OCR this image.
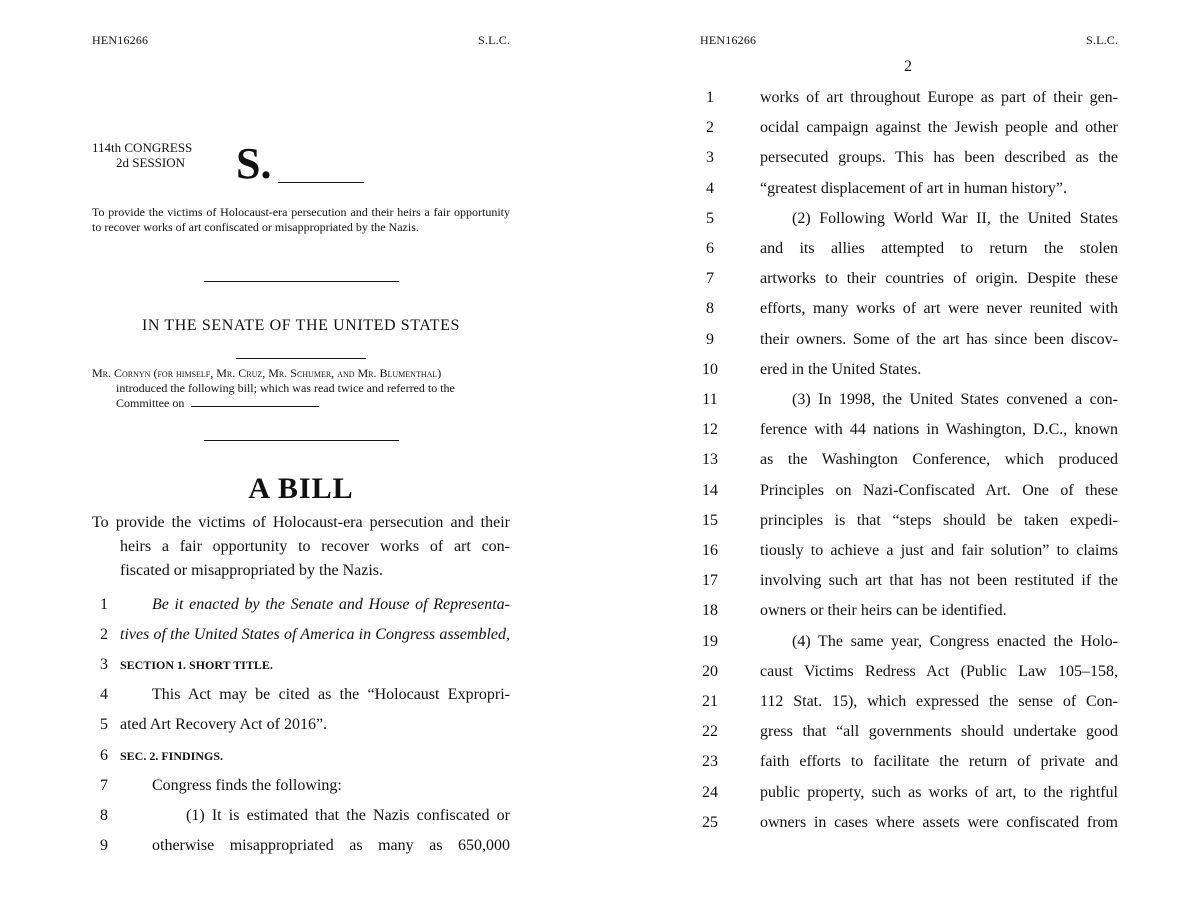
HEN16266	S.L.C.
114th CONGRESS
2d SESSION	S.
To provide the victims of Holocaust-era persecution and their heirs a fair opportunity to recover works of art confiscated or misappropriated by the Nazis.
IN THE SENATE OF THE UNITED STATES
Mr. Cornyn (for himself, Mr. Cruz, Mr. Schumer, and Mr. Blumenthal)
introduced the following bill; which was read twice and referred to the
Committee on
A BILL
To provide the victims of Holocaust-era persecution and their
heirs a fair opportunity to recover works of art con-
fiscated or misappropriated by the Nazis.
1	Be it enacted by the Senate and House of Representa-
2 tives of the United States of America in Congress assembled,
3	SECTION 1. SHORT TITLE.
4	This Act may be cited as the “Holocaust Expropri-
5 ated Art Recovery Act of 2016”.
6	SEC. 2. FINDINGS.
7	Congress finds the following:
8	(1) It is estimated that the Nazis confiscated or
9	otherwise misappropriated as many as 650,000
HEN16266	S.L.C.
2
1	works of art throughout Europe as part of their gen-
2	ocidal campaign against the Jewish people and other
3	persecuted groups. This has been described as the
4	“greatest displacement of art in human history”.
5	(2) Following World War II, the United States
6	and its allies attempted to return the stolen
7	artworks to their countries of origin. Despite these
8	efforts, many works of art were never reunited with
9	their owners. Some of the art has since been discov-
10	ered in the United States.
11	(3) In 1998, the United States convened a con-
12	ference with 44 nations in Washington, D.C., known
13	as the Washington Conference, which produced
14	Principles on Nazi-Confiscated Art. One of these
15	principles is that “steps should be taken expedi-
16	tiously to achieve a just and fair solution” to claims
17	involving such art that has not been restituted if the
18	owners or their heirs can be identified.
19	(4) The same year, Congress enacted the Holo-
20	caust Victims Redress Act (Public Law 105–158,
21	112 Stat. 15), which expressed the sense of Con-
22	gress that “all governments should undertake good
23	faith efforts to facilitate the return of private and
24	public property, such as works of art, to the rightful
25	owners in cases where assets were confiscated from
